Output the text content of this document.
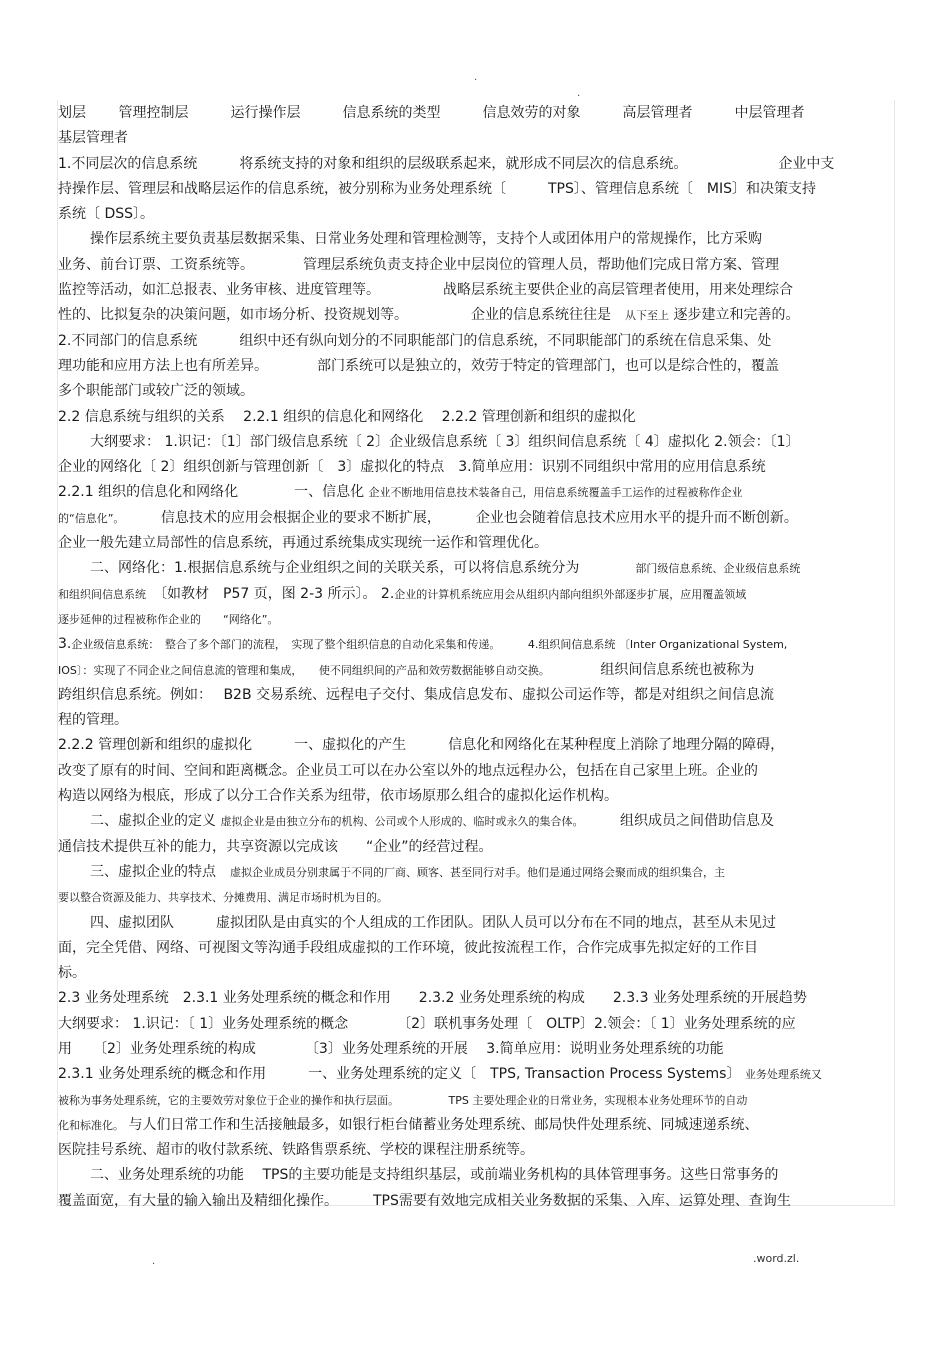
.
.
划层　　 管理控制层　　　运行操作层　　　信息系统的类型　　　信息效劳的对象　　　高层管理者　　　中层管理者
基层管理者
1.不同层次的信息系统　　　将系统支持的对象和组织的层级联系起来，就形成不同层次的信息系统。　　　　　　　企业中支
持操作层、管理层和战略层运作的信息系统，被分别称为业务处理系统〔　　　TPS〕、管理信息系统〔　MIS〕和决策支持
系统〔 DSS〕。
操作层系统主要负责基层数据采集、日常业务处理和管理检测等，支持个人或团体用户的常规操作，比方采购
业务、前台订票、工资系统等。　　　　管理层系统负责支持企业中层岗位的管理人员，帮助他们完成日常方案、管理
监控等活动，如汇总报表、业务审核、进度管理等。　　　　　战略层系统主要供企业的高层管理者使用，用来处理综合
性的、比拟复杂的决策问题，如市场分析、投资规划等。　　　　　企业的信息系统往往是　从下至上 逐步建立和完善的。
2.不同部门的信息系统　　　组织中还有纵向划分的不同职能部门的信息系统，不同职能部门的系统在信息采集、处
理功能和应用方法上也有所差异。　　　　部门系统可以是独立的，效劳于特定的管理部门，也可以是综合性的，覆盖
多个职能部门或较广泛的领域。
2.2 信息系统与组织的关系　 2.2.1 组织的信息化和网络化　 2.2.2 管理创新和组织的虚拟化
大纲要求： 1.识记：〔1〕部门级信息系统〔 2〕企业级信息系统〔 3〕组织间信息系统〔 4〕虚拟化 2.领会：〔1〕
企业的网络化〔 2〕组织创新与管理创新〔　3〕虚拟化的特点　3.简单应用：识别不同组织中常用的应用信息系统
2.2.1 组织的信息化和网络化　　　　一、信息化 企业不断地用信息技术装备自己，用信息系统覆盖手工运作的过程被称作企业
的“信息化”。　　　信息技术的应用会根据企业的要求不断扩展，　　　企业也会随着信息技术应用水平的提升而不断创新。
企业一般先建立局部性的信息系统，再通过系统集成实现统一运作和管理优化。
二、网络化：1.根据信息系统与企业组织之间的关联关系，可以将信息系统分为　　　　部门级信息系统、企业级信息系统
和组织间信息系统　〔如教材　P57 页，图 2-3 所示〕。 2.企业的计算机系统应用会从组织内部向组织外部逐步扩展，应用覆盖领域
逐步延伸的过程被称作企业的　　“网络化”。
3.企业级信息系统：　整合了多个部门的流程，　实现了整个组织信息的自动化采集和传递。　　　4.组织间信息系统 〔Inter Organizational System,
IOS〕：实现了不同企业之间信息流的管理和集成，　　使不同组织间的产品和效劳数据能够自动交换。　　　　组织间信息系统也被称为
跨组织信息系统。例如：　 B2B 交易系统、远程电子交付、集成信息发布、虚拟公司运作等，都是对组织之间信息流
程的管理。
2.2.2 管理创新和组织的虚拟化　　　一、虚拟化的产生　　　信息化和网络化在某种程度上消除了地理分隔的障碍，
改变了原有的时间、空间和距离概念。企业员工可以在办公室以外的地点远程办公，包括在自己家里上班。企业的
构造以网络为根底，形成了以分工合作关系为纽带，依市场原那么组合的虚拟化运作机构。
二、虚拟企业的定义 虚拟企业是由独立分布的机构、公司或个人形成的、临时或永久的集合体。　　　组织成员之间借助信息及
通信技术提供互补的能力，共享资源以完成该　　“企业”的经营过程。
三、虚拟企业的特点　虚拟企业成员分别隶属于不同的厂商、顾客、甚至同行对手。他们是通过网络会聚而成的组织集合，主
要以整合资源及能力、共享技术、分摊费用、满足市场时机为目的。
四、虚拟团队　　　虚拟团队是由真实的个人组成的工作团队。团队人员可以分布在不同的地点，甚至从未见过
面，完全凭借、网络、可视图文等沟通手段组成虚拟的工作环境，彼此按流程工作，合作完成事先拟定好的工作目
标。
2.3 业务处理系统　2.3.1 业务处理系统的概念和作用　　2.3.2 业务处理系统的构成　　2.3.3 业务处理系统的开展趋势
大纲要求： 1.识记：〔 1〕业务处理系统的概念　　　　〔2〕联机事务处理〔　OLTP〕2.领会：〔 1〕业务处理系统的应
用　　〔2〕业务处理系统的构成　　　　〔3〕业务处理系统的开展　 3.简单应用：说明业务处理系统的功能
2.3.1 业务处理系统的概念和作用　　　一、业务处理系统的定义〔　TPS, Transaction Process Systems〕 业务处理系统又
被称为事务处理系统，它的主要效劳对象位于企业的操作和执行层面。　　　　　TPS 主要处理企业的日常业务，实现根本业务处理环节的自动
化和标准化。 与人们日常工作和生活接触最多，如银行柜台储蓄业务处理系统、邮局快件处理系统、同城速递系统、
医院挂号系统、超市的收付款系统、铁路售票系统、学校的课程注册系统等。
二、业务处理系统的功能　 TPS的主要功能是支持组织基层，或前端业务机构的具体管理事务。这些日常事务的
覆盖面宽，有大量的输入输出及精细化操作。　　　TPS需要有效地完成相关业务数据的采集、入库、运算处理、查询生
.	.word.zl.
